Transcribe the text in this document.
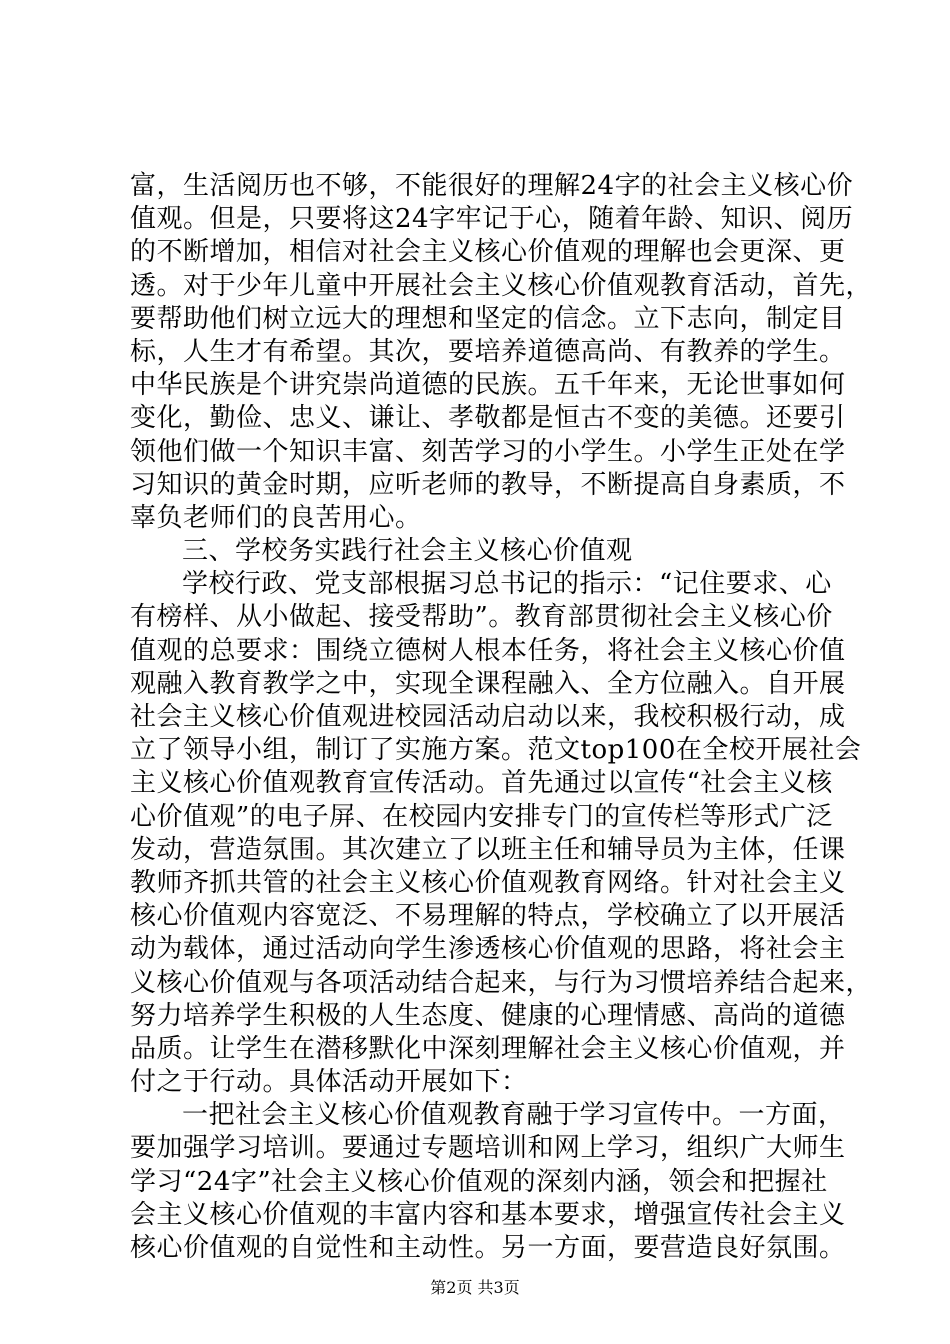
富，生活阅历也不够，不能很好的理解24字的社会主义核心价
值观。但是，只要将这24字牢记于心，随着年龄、知识、阅历
的不断增加，相信对社会主义核心价值观的理解也会更深、更
透。对于少年儿童中开展社会主义核心价值观教育活动，首先，
要帮助他们树立远大的理想和坚定的信念。立下志向，制定目
标，人生才有希望。其次，要培养道德高尚、有教养的学生。
中华民族是个讲究崇尚道德的民族。五千年来，无论世事如何
变化，勤俭、忠义、谦让、孝敬都是恒古不变的美德。还要引
领他们做一个知识丰富、刻苦学习的小学生。小学生正处在学
习知识的黄金时期，应听老师的教导，不断提高自身素质，不
辜负老师们的良苦用心。
三、学校务实践行社会主义核心价值观
学校行政、党支部根据习总书记的指示：“记住要求、心
有榜样、从小做起、接受帮助”。教育部贯彻社会主义核心价
值观的总要求：围绕立德树人根本任务，将社会主义核心价值
观融入教育教学之中，实现全课程融入、全方位融入。自开展
社会主义核心价值观进校园活动启动以来，我校积极行动，成
立了领导小组，制订了实施方案。范文top100在全校开展社会
主义核心价值观教育宣传活动。首先通过以宣传“社会主义核
心价值观”的电子屏、在校园内安排专门的宣传栏等形式广泛
发动，营造氛围。其次建立了以班主任和辅导员为主体，任课
教师齐抓共管的社会主义核心价值观教育网络。针对社会主义
核心价值观内容宽泛、不易理解的特点，学校确立了以开展活
动为载体，通过活动向学生渗透核心价值观的思路，将社会主
义核心价值观与各项活动结合起来，与行为习惯培养结合起来，
努力培养学生积极的人生态度、健康的心理情感、高尚的道德
品质。让学生在潜移默化中深刻理解社会主义核心价值观，并
付之于行动。具体活动开展如下：
一把社会主义核心价值观教育融于学习宣传中。一方面，
要加强学习培训。要通过专题培训和网上学习，组织广大师生
学习“24字”社会主义核心价值观的深刻内涵，领会和把握社
会主义核心价值观的丰富内容和基本要求，增强宣传社会主义
核心价值观的自觉性和主动性。另一方面，要营造良好氛围。
第2页 共3页
